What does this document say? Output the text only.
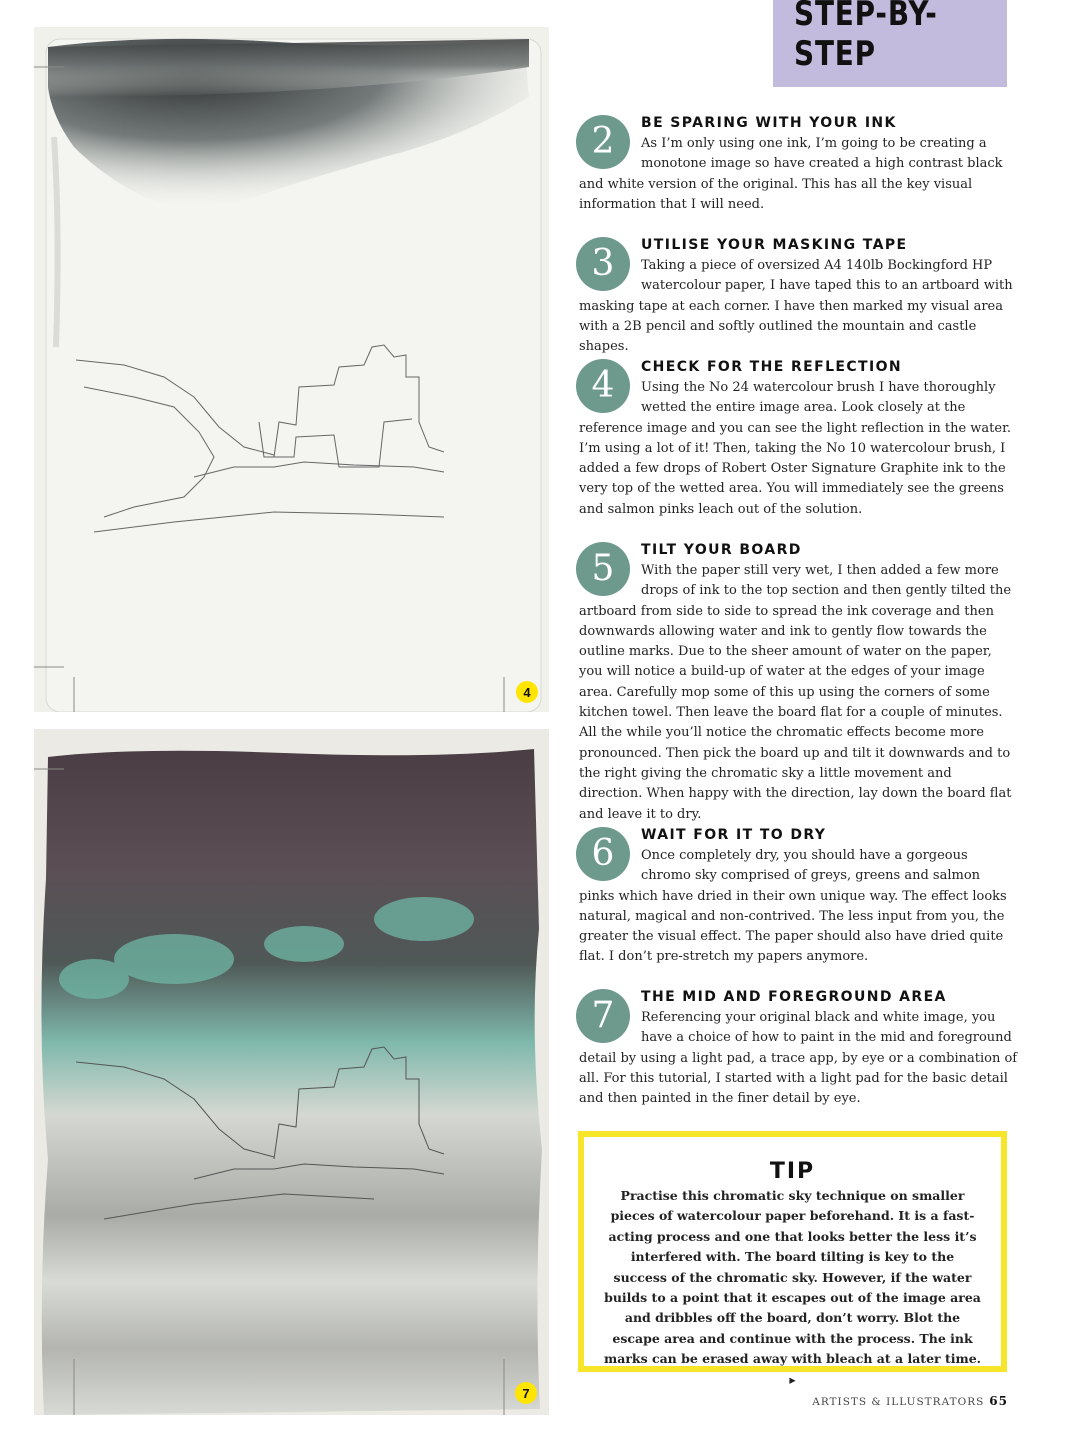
4
7
STEP-BY-STEP
2	BE SPARING WITH YOUR INK

As I’m only using one ink, I’m going to be creating a monotone image so have created a high contrast black and white version of the original. This has all the key visual information that I will need.

3	UTILISE YOUR MASKING TAPE

Taking a piece of oversized A4 140lb Bockingford HP watercolour paper, I have taped this to an artboard with masking tape at each corner. I have then marked my visual area with a 2B pencil and softly outlined the mountain and castle shapes.

4	CHECK FOR THE REFLECTION

Using the No 24 watercolour brush I have thoroughly wetted the entire image area. Look closely at the reference image and you can see the light reflection in the water. I’m using a lot of it! Then, taking the No 10 watercolour brush, I added a few drops of Robert Oster Signature Graphite ink to the very top of the wetted area. You will immediately see the greens and salmon pinks leach out of the solution.

5	TILT YOUR BOARD

With the paper still very wet, I then added a few more drops of ink to the top section and then gently tilted the artboard from side to side to spread the ink coverage and then downwards allowing water and ink to gently flow towards the outline marks. Due to the sheer amount of water on the paper, you will notice a build-up of water at the edges of your image area. Carefully mop some of this up using the corners of some kitchen towel. Then leave the board flat for a couple of minutes. All the while you’ll notice the chromatic effects become more pronounced. Then pick the board up and tilt it downwards and to the right giving the chromatic sky a little movement and direction. When happy with the direction, lay down the board flat and leave it to dry.

6	WAIT FOR IT TO DRY

Once completely dry, you should have a gorgeous chromo sky comprised of greys, greens and salmon pinks which have dried in their own unique way. The effect looks natural, magical and non-contrived. The less input from you, the greater the visual effect. The paper should also have dried quite flat. I don’t pre-stretch my papers anymore.

7	THE MID AND FOREGROUND AREA

Referencing your original black and white image, you have a choice of how to paint in the mid and foreground detail by using a light pad, a trace app, by eye or a combination of all. For this tutorial, I started with a light pad for the basic detail and then painted in the finer detail by eye.

TIP

Practise this chromatic sky technique on smaller pieces of watercolour paper beforehand. It is a fast-acting process and one that looks better the less it’s interfered with. The board tilting is key to the success of the chromatic sky. However, if the water builds to a point that it escapes out of the image area and dribbles off the board, don’t worry. Blot the escape area and continue with the process. The ink marks can be erased away with bleach at a later time. ▸

ARTISTS & ILLUSTRATORS 65
